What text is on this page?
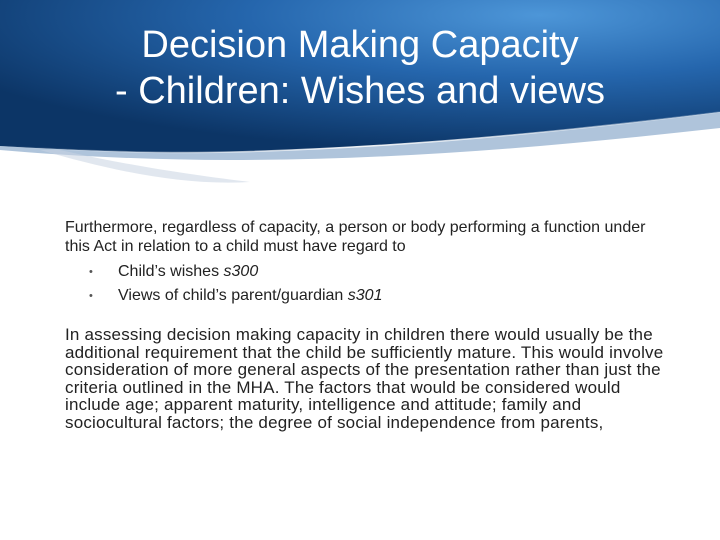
Decision Making Capacity
- Children: Wishes and views

Furthermore, regardless of capacity, a person or body performing a function under this Act in relation to a child must have regard to

• Child’s wishes s300
• Views of child’s parent/guardian s301

In assessing decision making capacity in children there would usually be the additional requirement that the child be sufficiently mature. This would involve consideration of more general aspects of the presentation rather than just the criteria outlined in the MHA. The factors that would be considered would include age; apparent maturity, intelligence and attitude; family and sociocultural factors; the degree of social independence from parents,
